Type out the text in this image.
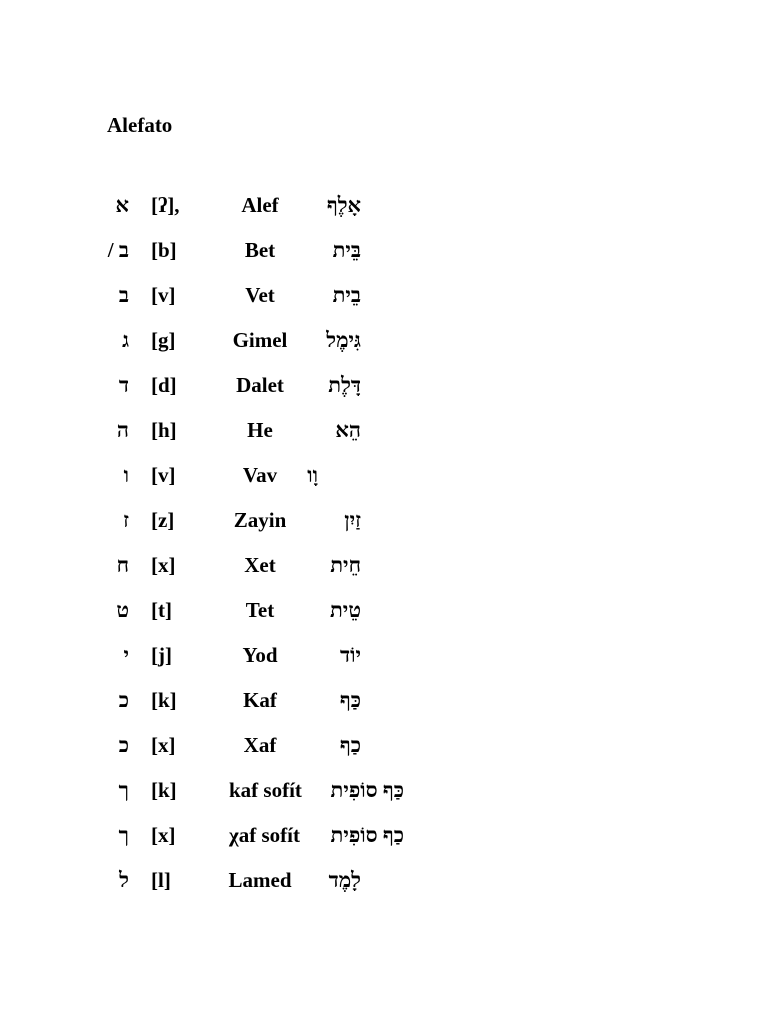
Alefato
א [ʔ],	Alef	אָלֶף
ב / [b]	Bet	בֵּית
ב [v]	Vet	בֵית
ג [g]	Gimel	גִּימֶל
ד [d]	Dalet	דָּלֶת
ה [h]	He	הֵא
ו [v]	Vav	וָו
ז [z]	Zayin	זַיִן
ח [x]	Xet	חֵית
ט [t]	Tet	טֵית
י [j]	Yod	יוֹד
כ [k]	Kaf	כַּף
כ [x]	Xaf	כַף
ך [k] kaf sofít כַּף סוֹפִית
ך [x]	χaf sofít כַף סוֹפִית
ל [l]	Lamed	לָמֶד
